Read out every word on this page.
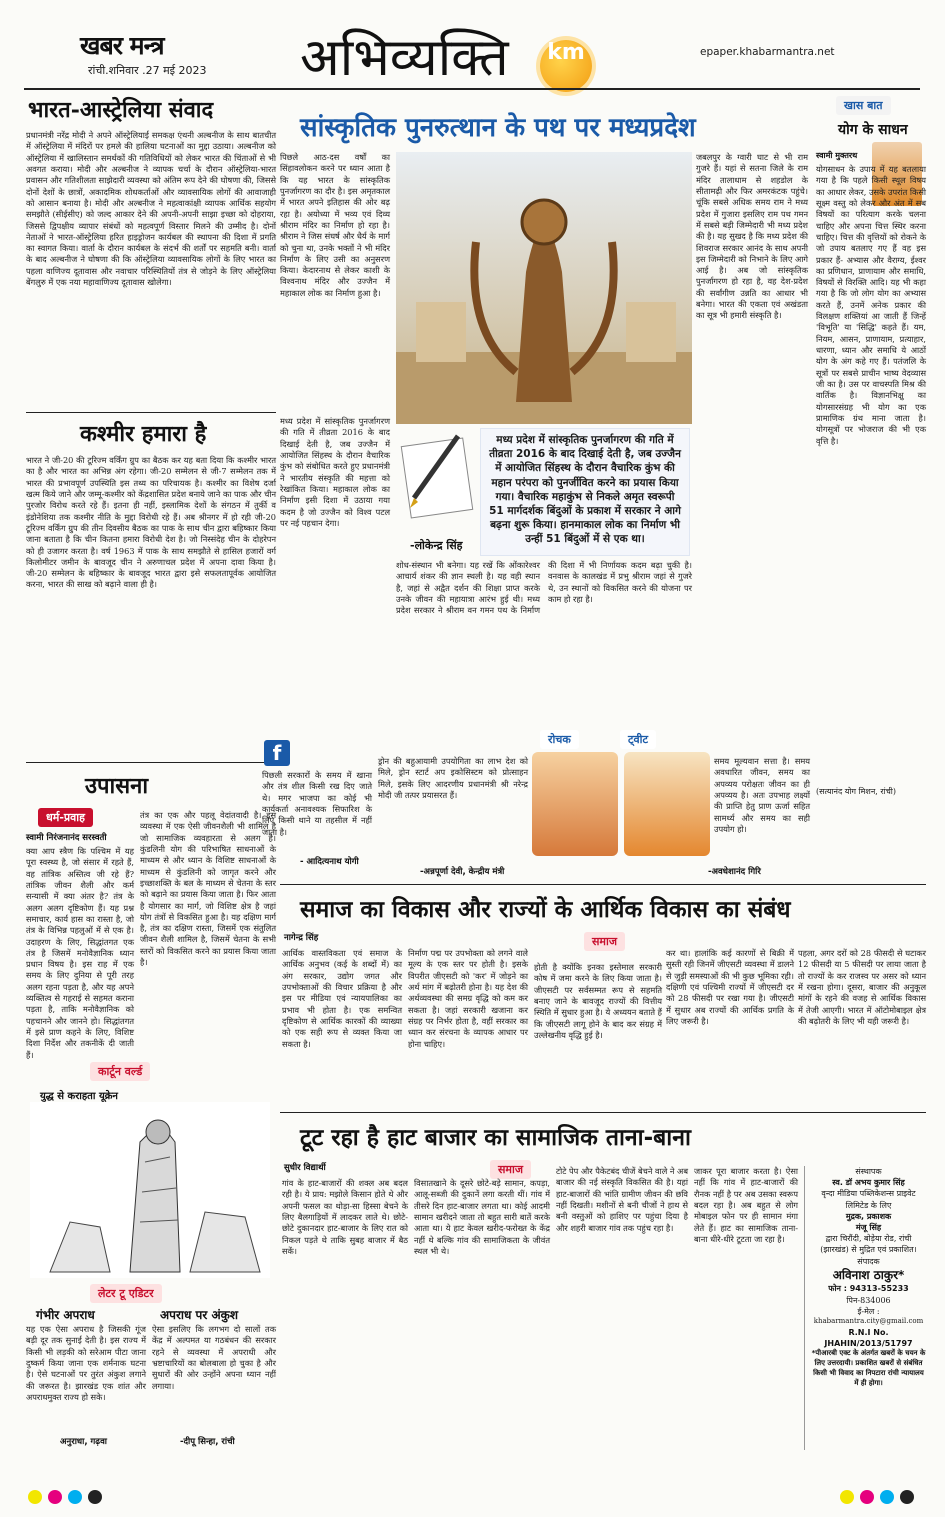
खबर मन्त्र
रांची.शनिवार .27 मई 2023 अभिव्यक्ति	km	epaper.khabarmantra.net
भारत-आस्ट्रेलिया संवाद
प्रधानमंत्री नरेंद्र मोदी ने अपने ऑस्ट्रेलियाई समकक्ष एंथनी अल्बनीज के साथ बातचीत में ऑस्ट्रेलिया में मंदिरों पर हमले की हालिया घटनाओं का मुद्दा उठाया। अल्बनीज को ऑस्ट्रेलिया में खालिस्तान समर्थकों की गतिविधियों को लेकर भारत की चिंताओं से भी अवगत कराया। मोदी और अल्बनीज ने व्यापक चर्चा के दौरान ऑस्ट्रेलिया-भारत प्रवासन और गतिशीलता साझेदारी व्यवस्था को अंतिम रूप देने की घोषणा की, जिससे दोनों देशों के छात्रों, अकादमिक शोधकर्ताओं और व्यावसायिक लोगों की आवाजाही को आसान बनाया है। मोदी और अल्बनीज ने महत्वाकांक्षी व्यापक आर्थिक सहयोग समझौते (सीईसीए) को जल्द आकार देने की अपनी-अपनी साझा इच्छा को दोहराया, जिससे द्विपक्षीय व्यापार संबंधों को महत्वपूर्ण विस्तार मिलने की उम्मीद है। दोनों नेताओं ने भारत-ऑस्ट्रेलिया हरित हाइड्रोजन कार्यबल की स्थापना की दिशा में प्रगति का स्वागत किया। वार्ता के दौरान कार्यबल के संदर्भ की शर्तों पर सहमति बनी। वार्ता के बाद अल्बनीज ने घोषणा की कि ऑस्ट्रेलिया व्यावसायिक लोगों के लिए भारत का पहला वाणिज्य दूतावास और नवाचार परिस्थितियों तंत्र से जोड़ने के लिए ऑस्ट्रेलिया बेंगलुरु में एक नया महावाणिज्य दूतावास खोलेगा।
कश्मीर हमारा है
भारत ने जी-20 की टूरिज्म वर्किंग ग्रुप का बैठक कर यह बता दिया कि कश्मीर भारत का है और भारत का अभिन्न अंग रहेगा। जी-20 सम्मेलन से जी-7 सम्मेलन तक में भारत की प्रभावपूर्ण उपस्थिति इस तथ्य का परिचायक है। कश्मीर का विशेष दर्जा खत्म किये जाने और जम्मू-कश्मीर को केंद्रशासित प्रदेश बनाये जाने का पाक और चीन पुरजोर विरोध करते रहे हैं। इतना ही नहीं, इस्लामिक देशों के संगठन में तुर्की व इंडोनेशिया तक कश्मीर नीति के मुद्दा विरोधी रहे हैं। अब श्रीनगर में हो रही जी-20 टूरिज्म वर्किंग ग्रुप की तीन दिवसीय बैठक का पाक के साथ चीन द्वारा बहिष्कार किया जाना बताता है कि चीन कितना हमारा विरोधी देश है। जो निस्संदेह चीन के दोहरेपन को ही उजागर करता है। वर्ष 1963 में पाक के साथ समझौते से हासिल हजारों वर्ग किलोमीटर जमीन के बावजूद चीन ने अरुणाचल प्रदेश में अपना दावा किया है। जी-20 सम्मेलन के बहिष्कार के बावजूद भारत द्वारा इसे सफलतापूर्वक आयोजित करना, भारत की साख को बढ़ाने वाला ही है।
उपासना
धर्म-प्रवाह
स्वामी निरंजनानंद सरस्वती
क्या आप स्त्रैण कि पश्चिम में यह पूरा स्वस्थ्य है, जो संसार में रहते हैं, वह तांत्रिक अस्तित्व जी रहे हैं? तांत्रिक जीवन शैली और कर्म सन्यासी में क्या अंतर है? तंत्र के अलग अलग दृष्टिकोण हैं। यह प्रश्न समाचार, कार्य हास का रास्ता है, जो तंत्र के विभिन्न पहलुओं में से एक है। उदाहरण के लिए, सिद्धांतगत एक तंत्र है जिसमें मनोवैज्ञानिक ध्यान प्रधान विषय है। इस राह में एक समय के लिए दुनिया से पूरी तरह अलग रहना पड़ता है, और यह अपने व्यक्तित्व से गहराई से सहमत कराना पड़ता है, ताकि मनोवैज्ञानिक को पहचानने और जानने हो। सिद्धांतगत में इसे प्राण कहने के लिए, विशिष्ट दिशा निर्देश और तकनीकें दी जाती हैं।
तंत्र का एक और पहलू वेदांतवादी है। इस व्यवस्था में एक ऐसी जीवनशैली भी शामिल है जो सामाजिक व्यवहारता से अलग है। कुंडलिनी योग की परिभाषित साधनाओं के माध्यम से और ध्यान के विशिष्ट साधनाओं के माध्यम से कुंडलिनी को जागृत करने और इच्छाशक्ति के बल के माध्यम से चेतना के स्तर को बढ़ाने का प्रयास किया जाता है। फिर आता है योगसार का मार्ग, जो विशिष्ट क्षेत्र है जहां योग तंत्रों से विकसित हुआ है। यह दक्षिण मार्ग है, तंत्र का दक्षिण रास्ता, जिसमें एक संतुलित जीवन शैली शामिल है, जिसमें चेतना के सभी स्तरों को विकसित करने का प्रयास किया जाता है।
कार्टून वर्ल्ड
युद्ध से कराहता यूक्रेन
लेटर टू एडिटर
गंभीर अपराध
यह एक ऐसा अपराध है जिसकी गूंज बड़ी दूर तक सुनाई देती है। इस राज्य में किसी भी लड़की को सरेआम पीटा जाना दुष्कर्म किया जाना एक शर्मनाक घटना है। ऐसे घटनाओं पर तुरंत अंकुश लगाने की जरूरत है। झारखंड एक शांत और अपराधमुक्त राज्य हो सके।
अनुराधा, गढ़वा
अपराध पर अंकुश
ऐसा इसलिए कि लगभग दो सालों तक केंद्र में अल्पमत या गठबंधन की सरकार रहने से व्यवस्था में अपराधी और भ्रष्टाचारियों का बोलबाला हो चुका है और सुधारों की ओर उन्होंने अपना ध्यान नहीं लगाया।
-दीपू सिन्हा, रांची
सांस्कृतिक पुनरुत्थान के पथ पर मध्यप्रदेश
पिछले आठ-दस वर्षों का सिंहावलोकन करने पर ध्यान आता है कि यह भारत के सांस्कृतिक पुनर्जागरण का दौर है। इस अमृतकाल में भारत अपने इतिहास की ओर बढ़ रहा है। अयोध्या में भव्य एवं दिव्य श्रीराम मंदिर का निर्माण हो रहा है। श्रीराम ने जिस संघर्ष और धैर्य के मार्ग को चुना था, उनके भक्तों ने भी मंदिर निर्माण के लिए उसी का अनुसरण किया। केदारनाथ से लेकर काशी के विश्वनाथ मंदिर और उज्जैन में महाकाल लोक का निर्माण हुआ है।
मध्य प्रदेश में सांस्कृतिक पुनर्जागरण की गति में तीव्रता 2016 के बाद दिखाई देती है, जब उज्जैन में आयोजित सिंहस्थ के दौरान वैचारिक कुंभ को संबोधित करते हुए प्रधानमंत्री ने भारतीय संस्कृति की महत्ता को रेखांकित किया। महाकाल लोक का निर्माण इसी दिशा में उठाया गया कदम है जो उज्जैन को विश्व पटल पर नई पहचान देगा।
मध्य प्रदेश में सांस्कृतिक पुनर्जागरण की गति में तीव्रता 2016 के बाद दिखाई देती है, जब उज्जैन में आयोजित सिंहस्थ के दौरान वैचारिक कुंभ की महान परंपरा को पुनर्जीवित करने का प्रयास किया गया। वैचारिक महाकुंभ से निकले अमृत स्वरूपी 51 मार्गदर्शक बिंदुओं के प्रकाश में सरकार ने आगे बढ़ना शुरू किया। हानमाकाल लोक का निर्माण भी उन्हीं 51 बिंदुओं में से एक था।
-लोकेन्द्र सिंह
जबलपुर के ग्वारी घाट से भी राम गुजरे हैं। यहां से सतना जिले के राम मंदिर तालाधाम से शहडोल के सीतामढ़ी और फिर अमरकंटक पहुंचे। चूंकि सबसे अधिक समय राम ने मध्य प्रदेश में गुजारा इसलिए राम पथ गमन में सबसे बड़ी जिम्मेदारी भी मध्य प्रदेश की है। यह सुखद है कि मध्य प्रदेश की शिवराज सरकार आनंद के साथ अपनी इस जिम्मेदारी को निभाने के लिए आगे आई है। अब जो सांस्कृतिक पुनर्जागरण हो रहा है, वह देश-प्रदेश की सर्वांगीण उन्नति का आधार भी बनेगा। भारत की एकता एवं अखंडता का सूत्र भी हमारी संस्कृति है।
शोध-संस्थान भी बनेगा। यह रखें कि ओंकारेश्वर आचार्य शंकर की ज्ञान स्थली है। यह वही स्थान है, जहां से अद्वैत दर्शन की शिक्षा प्राप्त करके उनके जीवन की महायात्रा आरंभ हुई थी। मध्य प्रदेश सरकार ने श्रीराम वन गमन पथ के निर्माण की दिशा में भी निर्णायक कदम बढ़ा चुकी है। वनवास के कालखंड में प्रभु श्रीराम जहां से गुजरे थे, उन स्थानों को विकसित करने की योजना पर काम हो रहा है।
रोचक	ट्वीट
f
पिछली सरकारों के समय में खाना और तंत्र शील किसी रख दिए जाते थे। मगर भाजपा का कोई भी कार्यकर्ता अनावश्यक सिफारिश के लिए किसी थाने या तहसील में नहीं जाता है।
- आदित्यनाथ योगी
ड्रोन की बहुआयामी उपयोगिता का लाभ देश को मिले, ड्रोन स्टार्ट अप इकोसिस्टम को प्रोत्साहन मिले, इसके लिए आदरणीय प्रधानमंत्री श्री नरेन्द्र मोदी जी तत्पर प्रयासरत हैं।
-अन्नपूर्णा देवी, केन्द्रीय मंत्री
समय मूल्यवान सत्ता है। समय अवधारित जीवन, समय का अपव्यय परोक्षतः जीवन का ही अपव्यय है। अतः उपभाह लक्ष्यों की प्राप्ति हेतु प्राण ऊर्जा सहित सामर्थ्य और समय का सही उपयोग हो।
-अवधेशानंद गिरि
खास बात
योग के साधन
स्वामी मुक्तरथ
योगसाधन के उपाय में यह बतलाया गया है कि पहले किसी स्थूल विषय का आधार लेकर, उसके उपरांत किसी सूक्ष्म वस्तु को लेकर और अंत में सब विषयों का परित्याग करके चलना चाहिए और अपना चित्त स्थिर करना चाहिए। चित्त की वृत्तियों को रोकने के जो उपाय बतलाए गए हैं वह इस प्रकार हैं- अभ्यास और वैराग्य, ईश्वर का प्रणिधान, प्राणायाम और समाधि, विषयों से विरक्ति आदि। यह भी कहा गया है कि जो लोग योग का अभ्यास करते हैं, उनमें अनेक प्रकार की विलक्षण शक्तियां आ जाती हैं जिन्हें 'विभूति' या 'सिद्धि' कहते हैं। यम, नियम, आसन, प्राणायाम, प्रत्याहार, धारणा, ध्यान और समाधि ये आठों योग के अंग कहे गए हैं। पतंजलि के सूत्रों पर सबसे प्राचीन भाष्य वेदव्यास जी का है। उस पर वाचस्पति मिश्र की वार्तिक है। विज्ञानभिक्षु का योगसारसंग्रह भी योग का एक प्रामाणिक ग्रंथ माना जाता है। योगसूत्रों पर भोजराज की भी एक वृत्ति है।
(सत्यानंद योग मिशन, रांची)
समाज का विकास और राज्यों के आर्थिक विकास का संबंध
नागेन्द्र सिंह	समाज
आर्थिक वास्तविकता एवं समाज के आर्थिक अनुभव (कई के शब्दों में) का अंग सरकार, उद्योग जगत और उपभोक्ताओं की विचार प्रक्रिया है और इस पर मीडिया एवं न्यायपालिका का प्रभाव भी होता है। एक समन्वित दृष्टिकोण से आर्थिक कारकों की व्याख्या को एक सही रूप से व्यक्त किया जा सकता है।
निर्माण पद्म पर उपभोक्ता को लगने वाले मूल्य के एक स्तर पर होती है। इसके विपरीत जीएसटी को 'कर' में जोड़ने का अर्थ मांग में बढ़ोतरी होना है। यह देश की अर्थव्यवस्था की समग्र वृद्धि को कम कर सकता है। जहां सरकारी खजाना कर संग्रह पर निर्भर होता है, वहीं सरकार का ध्यान कर संरचना के व्यापक आधार पर होना चाहिए।
होती है क्योंकि इनका इस्तेमाल सरकारी कोष में जमा करने के लिए किया जाता है। जीएसटी पर सर्वसम्मत रूप से सहमति बनाए जाने के बावजूद राज्यों की वित्तीय स्थिति में सुधार हुआ है। ये अध्ययन बताते हैं कि जीएसटी लागू होने के बाद कर संग्रह में उल्लेखनीय वृद्धि हुई है।
कर था। हालांकि कई कारणों से बिक्री में सुस्ती रही जिनमें जीएसटी व्यवस्था में डालने से जुड़ी समस्याओं की भी कुछ भूमिका रही। दक्षिणी एवं पश्चिमी राज्यों में जीएसटी दर को 28 फीसदी पर रखा गया है। जीएसटी में सुधार अब राज्यों की आर्थिक प्रगति के लिए जरूरी है।
पहला, अगर दरों को 28 फीसदी से घटाकर 12 फीसदी या 5 फीसदी पर लाया जाता है तो राज्यों के कर राजस्व पर असर को ध्यान में रखना होगा। दूसरा, बाजार की अनुकूल मांगों के रहने की वजह से आर्थिक विकास में तेजी आएगी। भारत में ऑटोमोबाइल क्षेत्र की बढ़ोतरी के लिए भी यही जरूरी है।
टूट रहा है हाट बाजार का सामाजिक ताना-बाना
सुधीर विद्यार्थी	समाज
गांव के हाट-बाजारों की शक्ल अब बदल रही है। ये प्राय: मझोले किसान होते थे और अपनी फसल का थोड़ा-सा हिस्सा बेचने के लिए बैलगाड़ियों में लादकर लाते थे। छोटे-छोटे दुकानदार हाट-बाजार के लिए रात को निकल पड़ते थे ताकि सुबह बाजार में बैठ सकें।
विसातखाने के दूसरे छोटे-बड़े सामान, कपड़ा, आलू-सब्जी की दुकानें लगा करती थीं। गांव में तीसरे दिन हाट-बाजार लगता था। कोई आदमी सामान खरीदने जाता तो बहुत सारी बातें करके आता था। ये हाट केवल खरीद-फरोख्त के केंद्र नहीं थे बल्कि गांव की सामाजिकता के जीवंत स्थल भी थे।
टोटे पेप और पैकेटबंद चीजें बेचने वाले ने अब बाजार की नई संस्कृति विकसित की है। यहां हाट-बाजारों की भांति ग्रामीण जीवन की छवि नहीं दिखती। मशीनों से बनी चीजों ने हाथ से बनी वस्तुओं को हाशिए पर पहुंचा दिया है और शहरी बाजार गांव तक पहुंच रहा है।
जाकर पूरा बाजार करता है। ऐसा नहीं कि गांव में हाट-बाजारों की रौनक नहीं है पर अब उसका स्वरूप बदल रहा है। अब बहुत से लोग मोबाइल फोन पर ही सामान मंगा लेते हैं। हाट का सामाजिक ताना-बाना धीरे-धीरे टूटता जा रहा है।
संस्थापक
स्व. डॉ अभय कुमार सिंह
वृन्दा मीडिया पब्लिकेशन्स प्राइवेट लिमिटेड के लिए
मुद्रक, प्रकाशक
मंजू सिंह
द्वारा चिरौंदी, बोड़ेया रोड, रांची (झारखंड) से मुद्रित एवं प्रकाशित।
संपादक
अविनाश ठाकुर*
फोन : 94313-55233
पिन-834006
ई-मेल :
khabarmantra.city@gmail.com
R.N.I No. JHAHIN/2013/51797
*पीआरबी एक्ट के अंतर्गत खबरों के चयन के लिए उत्तरदायी। प्रकाशित खबरों से संबंधित किसी भी विवाद का निपटारा रांची न्यायालय में ही होगा।
